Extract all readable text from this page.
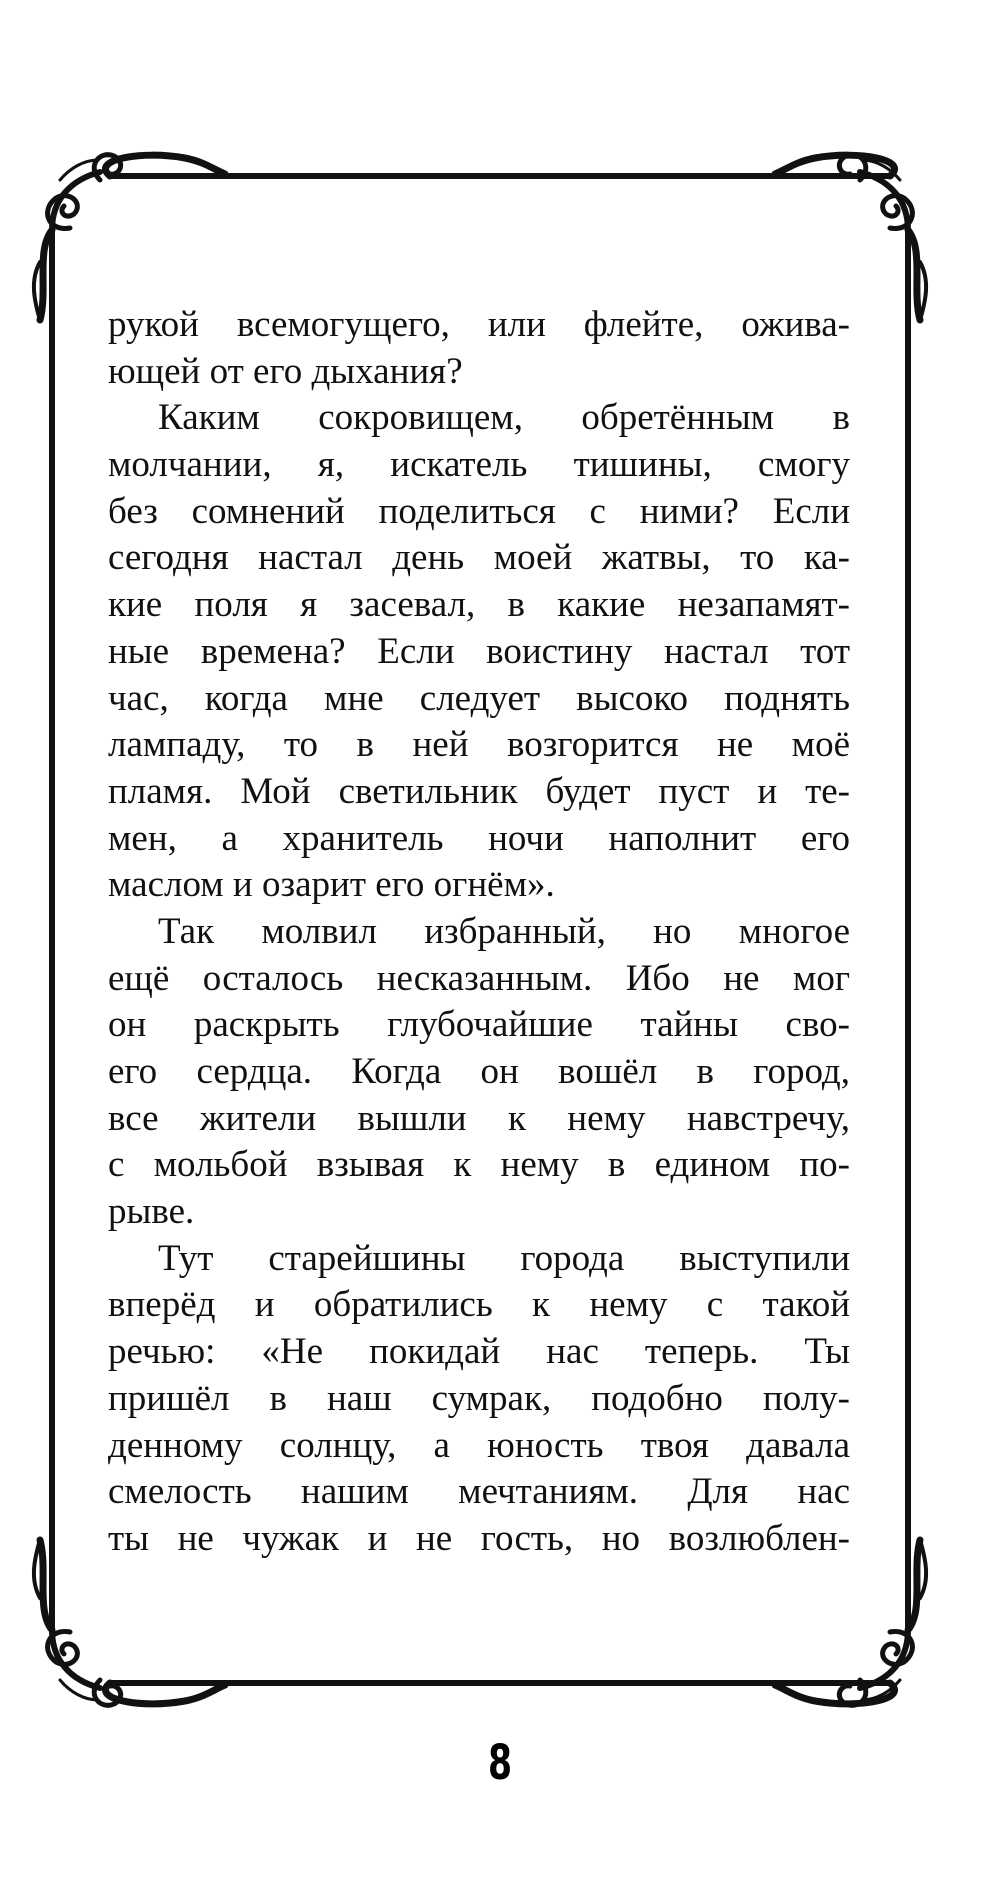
рукой всемогущего, или флейте, ожива-
ющей от его дыхания?
Каким сокровищем, обретённым в
молчании, я, искатель тишины, смогу
без сомнений поделиться с ними? Если
сегодня настал день моей жатвы, то ка-
кие поля я засевал, в какие незапамят-
ные времена? Если воистину настал тот
час, когда мне следует высоко поднять
лампаду, то в ней возгорится не моё
пламя. Мой светильник будет пуст и те-
мен, а хранитель ночи наполнит его
маслом и озарит его огнём».
Так молвил избранный, но многое
ещё осталось несказанным. Ибо не мог
он раскрыть глубочайшие тайны сво-
его сердца. Когда он вошёл в город,
все жители вышли к нему навстречу,
с мольбой взывая к нему в едином по-
рыве.
Тут старейшины города выступили
вперёд и обратились к нему с такой
речью: «Не покидай нас теперь. Ты
пришёл в наш сумрак, подобно полу-
денному солнцу, а юность твоя давала
смелость нашим мечтаниям. Для нас
ты не чужак и не гость, но возлюблен-
8
